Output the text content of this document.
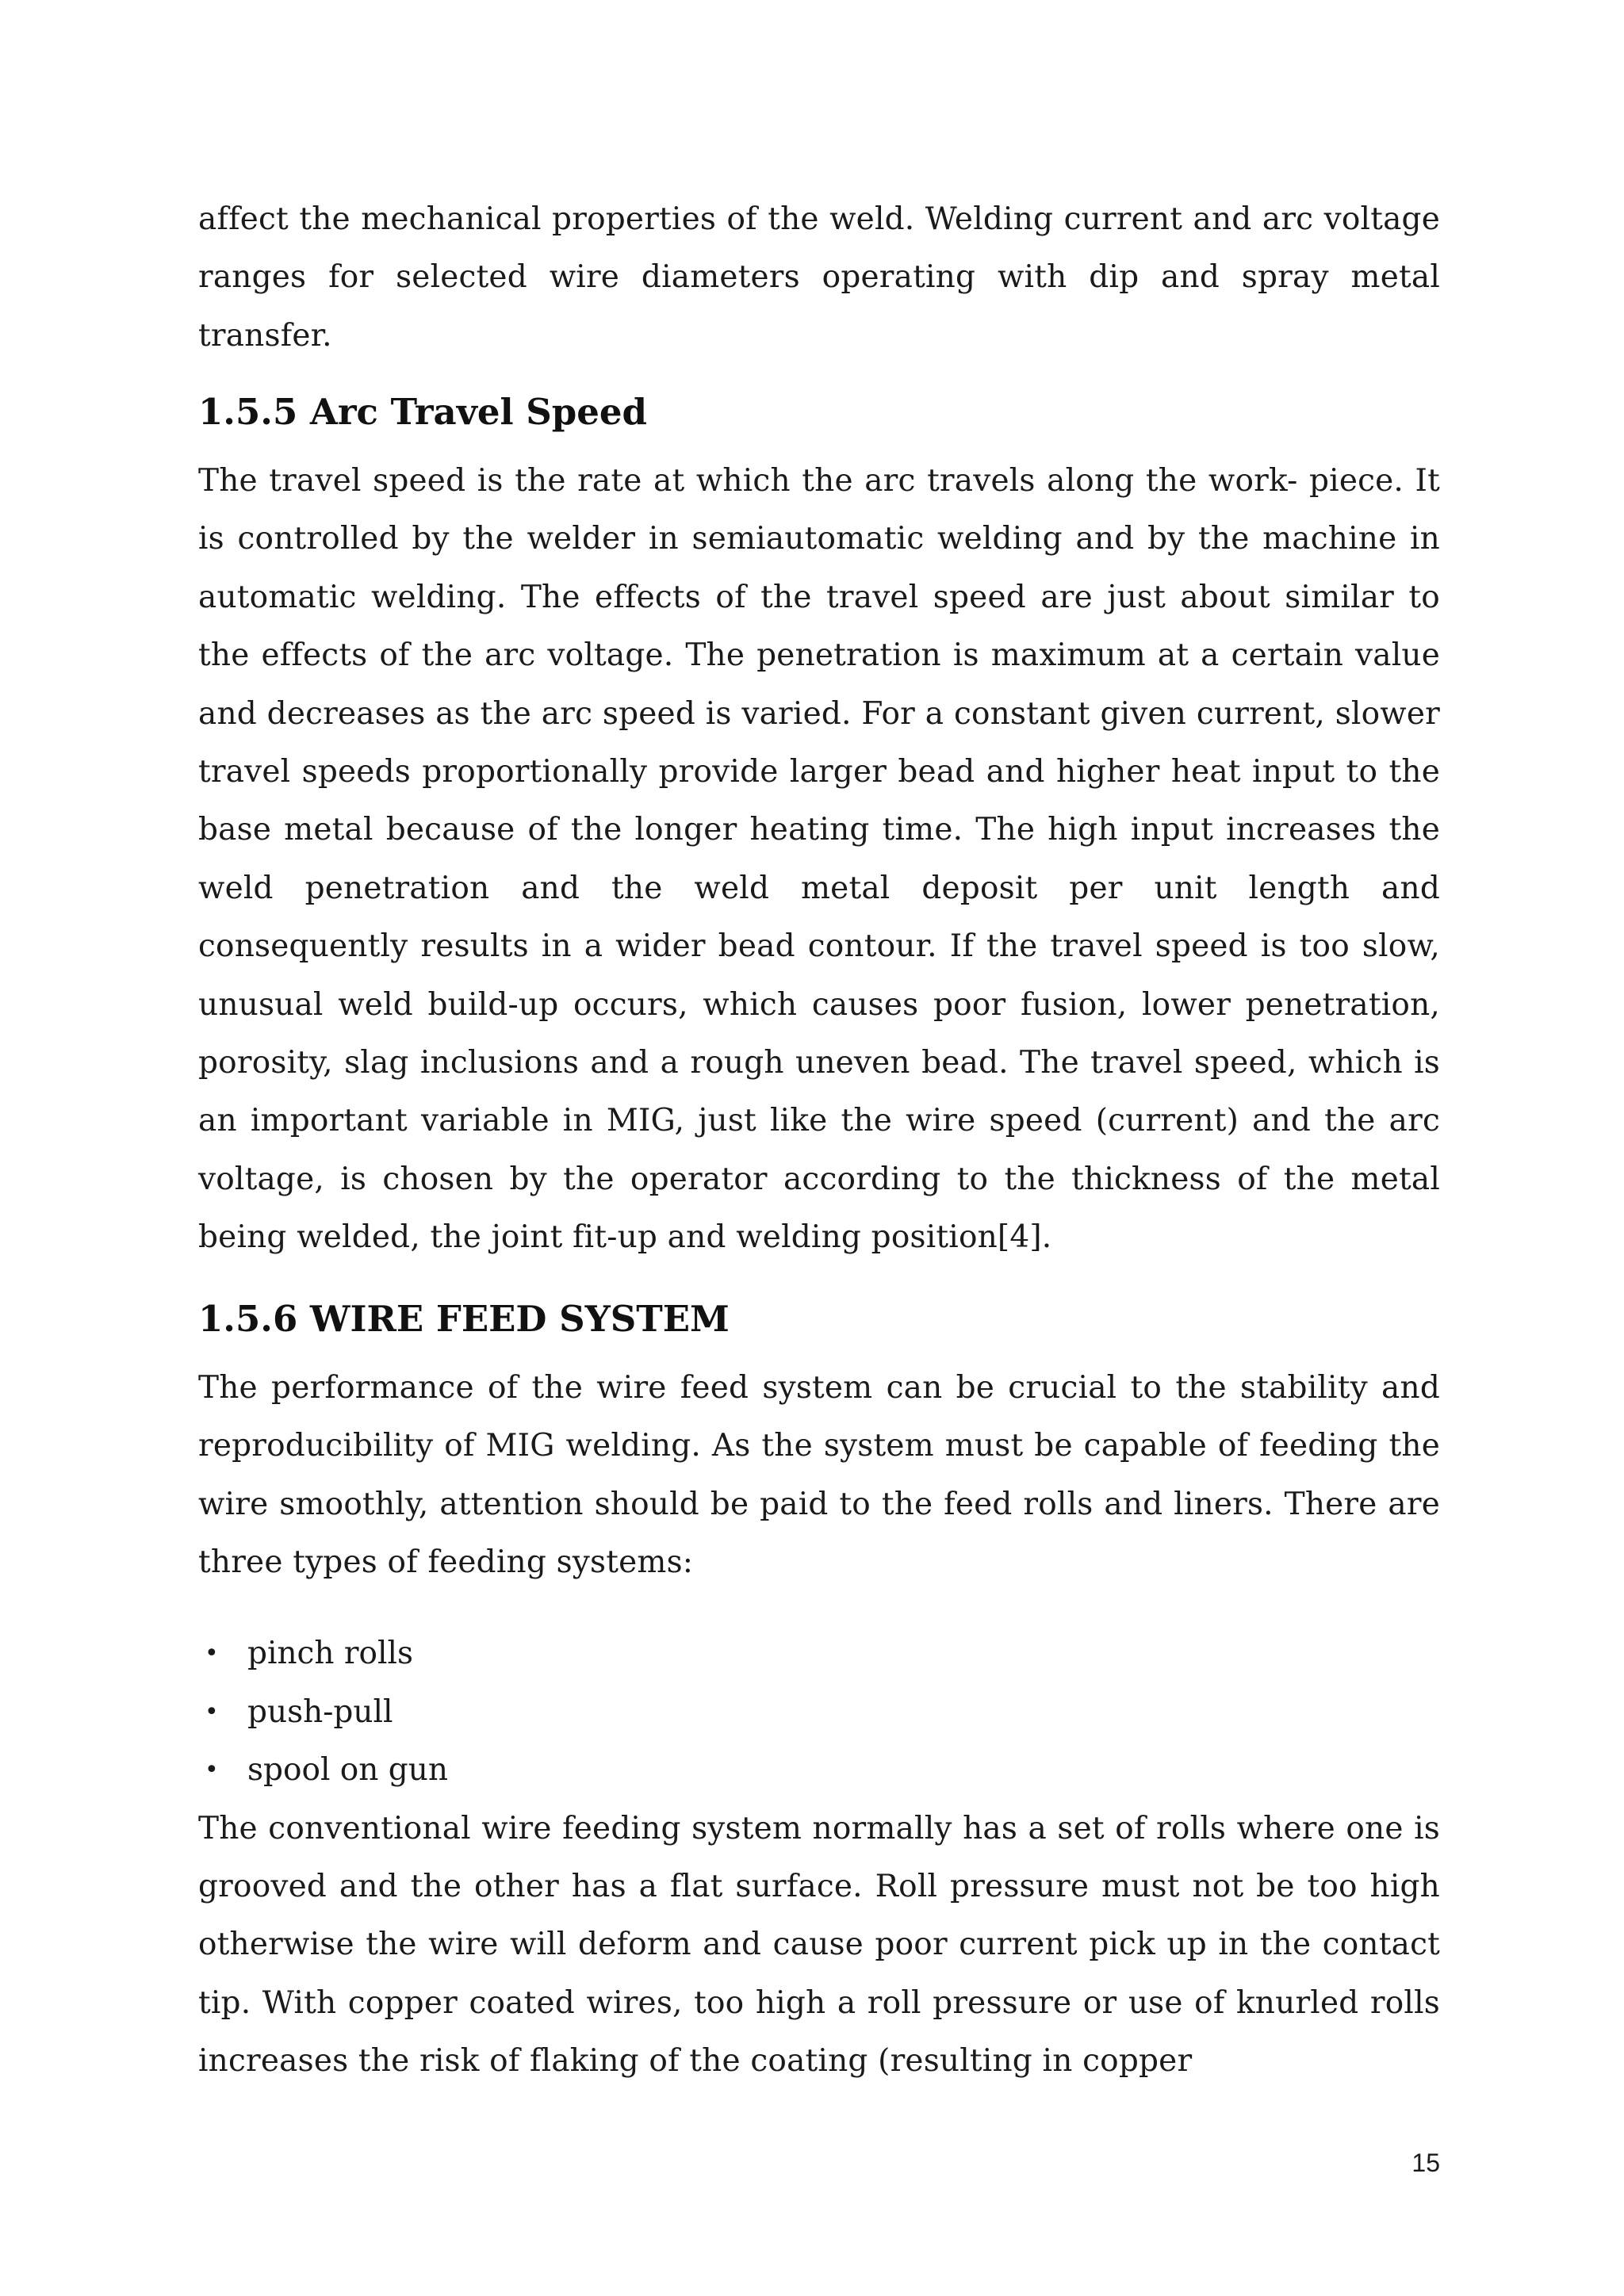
affect the mechanical properties of the weld. Welding current and arc voltage ranges for selected wire diameters operating with dip and spray metal transfer.

1.5.5 Arc Travel Speed

The travel speed is the rate at which the arc travels along the work- piece. It is controlled by the welder in semiautomatic welding and by the machine in automatic welding. The effects of the travel speed are just about similar to the effects of the arc voltage. The penetration is maximum at a certain value and decreases as the arc speed is varied. For a constant given current, slower travel speeds proportionally provide larger bead and higher heat input to the base metal because of the longer heating time. The high input increases the weld penetration and the weld metal deposit per unit length and consequently results in a wider bead contour. If the travel speed is too slow, unusual weld build-up occurs, which causes poor fusion, lower penetration, porosity, slag inclusions and a rough uneven bead. The travel speed, which is an important variable in MIG, just like the wire speed (current) and the arc voltage, is chosen by the operator according to the thickness of the metal being welded, the joint fit-up and welding position[4].

1.5.6 WIRE FEED SYSTEM

The performance of the wire feed system can be crucial to the stability and reproducibility of MIG welding. As the system must be capable of feeding the wire smoothly, attention should be paid to the feed rolls and liners. There are three types of feeding systems:

• pinch rolls
• push-pull
• spool on gun

The conventional wire feeding system normally has a set of rolls where one is grooved and the other has a flat surface. Roll pressure must not be too high otherwise the wire will deform and cause poor current pick up in the contact tip. With copper coated wires, too high a roll pressure or use of knurled rolls increases the risk of flaking of the coating (resulting in copper

15
